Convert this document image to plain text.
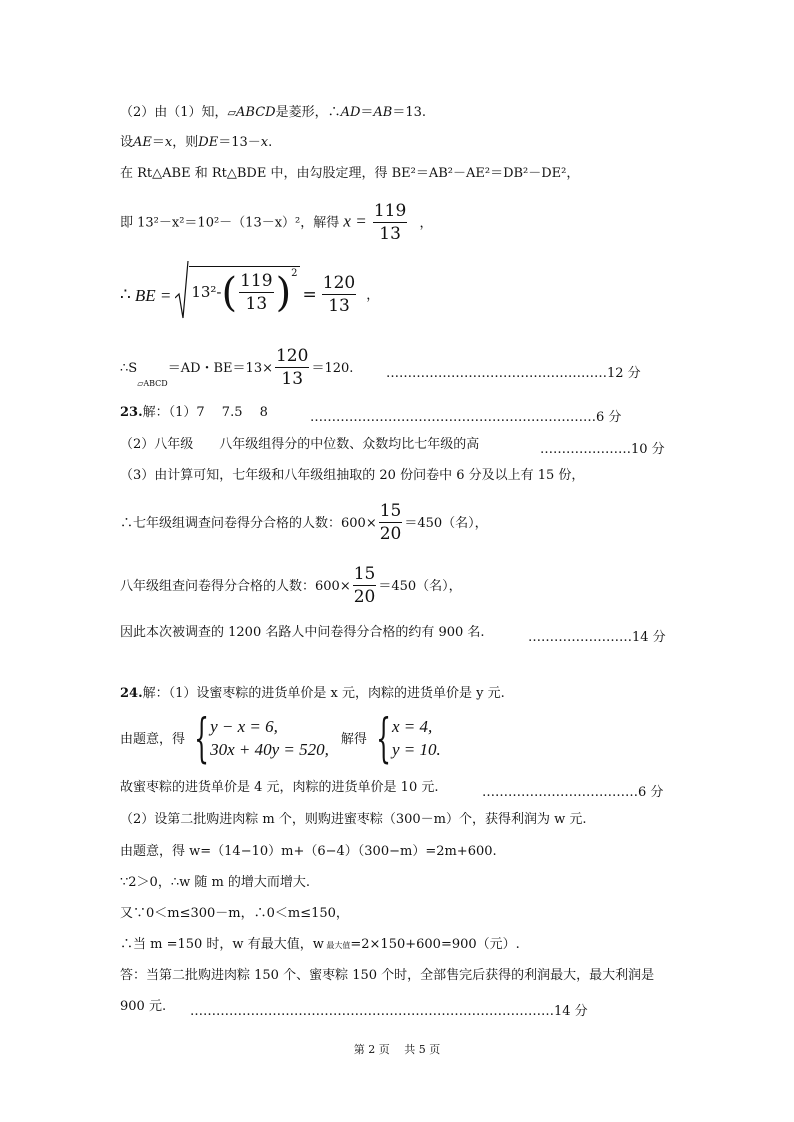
（2）由（1）知，▱ABCD是菱形，∴AD＝AB＝13.
设AE＝x，则DE＝13－x.
在 Rt△ABE 和 Rt△BDE 中，由勾股定理，得 BE²＝AB²－AE²＝DB²－DE²，
即 13²－x²＝10²－（13－x）²，解得 $x = \frac{119}{13}$ ，
∴ BE = 13²- ( $\frac{119}{13}$ ) 2
= $\frac{120}{13}$ ，
∴S
▱ABCD
＝AD・$BE=13\times \frac{120}{13} =120$.	……………………………………………12 分
23.解：（1）7　 7.5　 8	…………………………………………………………6 分
（2）八年级　　八年级组得分的中位数、众数均比七年级的高	…………………10 分
（3）由计算可知，七年级和八年级组抽取的 20 份问卷中 6 分及以上有 15 份，
∴七年级组调查问卷得分合格的人数：$600\times \frac{15}{20} =450$（名），
八年级组查问卷得分合格的人数：$600\times \frac{15}{20} =450$（名），
因此本次被调查的 1200 名路人中问卷得分合格的约有 900 名.	……………………14 分
24.解：（1）设蜜枣粽的进货单价是 x 元，肉粽的进货单价是 y 元.
由题意，得 { y − x = 6,
30x + 40y = 520,
解得 { x = 4,
y = 10.
故蜜枣粽的进货单价是 4 元，肉粽的进货单价是 10 元.	………………………………6 分
（2）设第二批购进肉粽 m 个，则购进蜜枣粽（300－m）个，获得利润为 w 元.
由题意，得 w=（14−10）m+（6−4）（300−m）=2m+600.
∵2＞0，∴w 随 m 的增大而增大.
又∵0＜m≤300－m，∴0＜m≤150，
∴当 m =150 时，w 有最大值，w 最大值=2×150+600=900（元）.
答：当第二批购进肉粽 150 个、蜜枣粽 150 个时，全部售完后获得的利润最大，最大利润是
900 元. …………………………………………………………………………14 分
第 2 页　 共 5 页
